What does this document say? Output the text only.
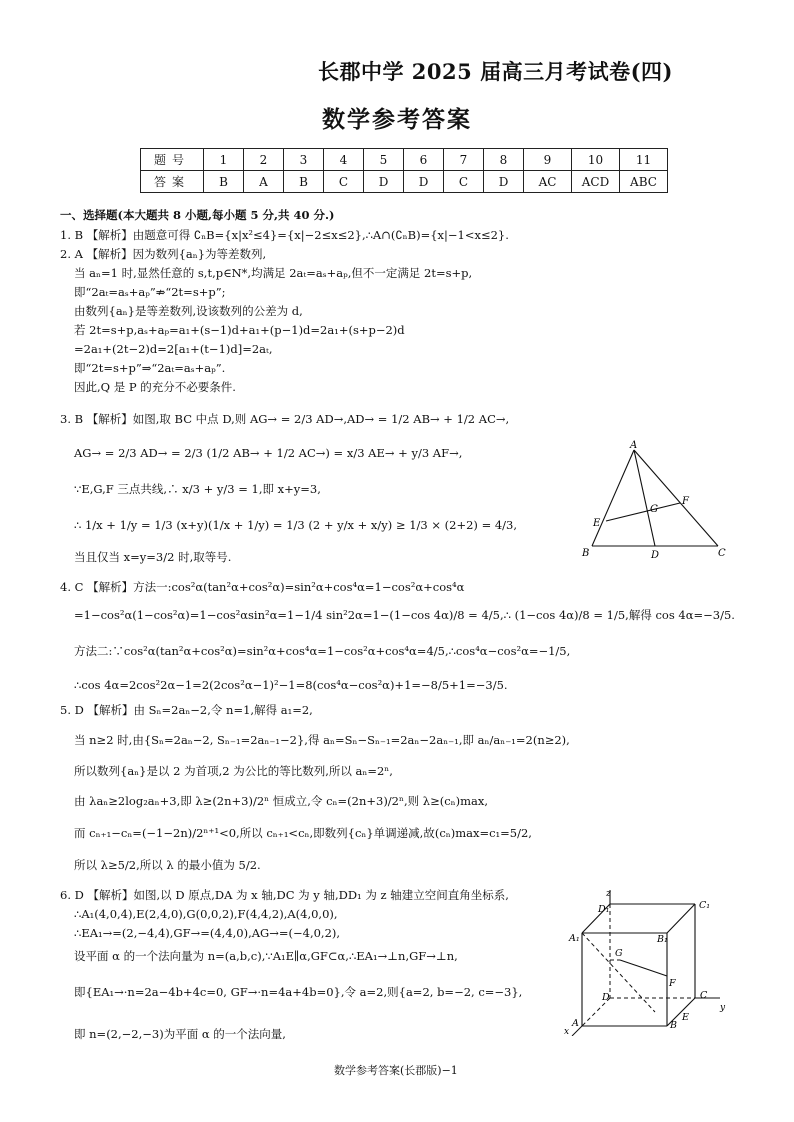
长郡中学 2025 届高三月考试卷(四)
数学参考答案
题号	1	2	3	4	5	6	7	8	9	10	11
答案	B	A	B	C	D	D	C	D	AC	ACD	ABC
一、选择题(本大题共 8 小题,每小题 5 分,共 40 分.)
1. B 【解析】由题意可得 ∁ₙB={x|x²≤4}={x|−2≤x≤2},∴A∩(∁ₙB)={x|−1<x≤2}.
2. A 【解析】因为数列{aₙ}为等差数列,
当 aₙ=1 时,显然任意的 s,t,p∈N*,均满足 2aₜ=aₛ+aₚ,但不一定满足 2t=s+p,
即“2aₜ=aₛ+aₚ”⇏“2t=s+p”;
由数列{aₙ}是等差数列,设该数列的公差为 d,
若 2t=s+p,aₛ+aₚ=a₁+(s−1)d+a₁+(p−1)d=2a₁+(s+p−2)d
=2a₁+(2t−2)d=2[a₁+(t−1)d]=2aₜ,
即“2t=s+p”⇒“2aₜ=aₛ+aₚ”.
因此,Q 是 P 的充分不必要条件.
3. B 【解析】如图,取 BC 中点 D,则 AG→ = 2/3 AD→,AD→ = 1/2 AB→ + 1/2 AC→,
AG→ = 2/3 AD→ = 2/3 (1/2 AB→ + 1/2 AC→) = x/3 AE→ + y/3 AF→,
∵E,G,F 三点共线,∴ x/3 + y/3 = 1,即 x+y=3,
∴ 1/x + 1/y = 1/3 (x+y)(1/x + 1/y) = 1/3 (2 + y/x + x/y) ≥ 1/3 × (2+2) = 4/3,
当且仅当 x=y=3/2 时,取等号.
A
F
G
E
B	D	C
4. C 【解析】方法一:cos²α(tan²α+cos²α)=sin²α+cos⁴α=1−cos²α+cos⁴α
=1−cos²α(1−cos²α)=1−cos²αsin²α=1−1/4 sin²2α=1−(1−cos 4α)/8 = 4/5,∴ (1−cos 4α)/8 = 1/5,解得 cos 4α=−3/5.
方法二:∵cos²α(tan²α+cos²α)=sin²α+cos⁴α=1−cos²α+cos⁴α=4/5,∴cos⁴α−cos²α=−1/5,
∴cos 4α=2cos²2α−1=2(2cos²α−1)²−1=8(cos⁴α−cos²α)+1=−8/5+1=−3/5.
5. D 【解析】由 Sₙ=2aₙ−2,令 n=1,解得 a₁=2,
当 n≥2 时,由{Sₙ=2aₙ−2, Sₙ₋₁=2aₙ₋₁−2},得 aₙ=Sₙ−Sₙ₋₁=2aₙ−2aₙ₋₁,即 aₙ/aₙ₋₁=2(n≥2),
所以数列{aₙ}是以 2 为首项,2 为公比的等比数列,所以 aₙ=2ⁿ,
由 λaₙ≥2log₂aₙ+3,即 λ≥(2n+3)/2ⁿ 恒成立,令 cₙ=(2n+3)/2ⁿ,则 λ≥(cₙ)max,
而 cₙ₊₁−cₙ=(−1−2n)/2ⁿ⁺¹<0,所以 cₙ₊₁<cₙ,即数列{cₙ}单调递减,故(cₙ)max=c₁=5/2,
所以 λ≥5/2,所以 λ 的最小值为 5/2.
6. D 【解析】如图,以 D 原点,DA 为 x 轴,DC 为 y 轴,DD₁ 为 z 轴建立空间直角坐标系,
∴A₁(4,0,4),E(2,4,0),G(0,0,2),F(4,4,2),A(4,0,0),
∴EA₁→=(2,−4,4),GF→=(4,4,0),AG→=(−4,0,2),
设平面 α 的一个法向量为 n=(a,b,c),∵A₁E∥α,GF⊂α,∴EA₁→⊥n,GF→⊥n,
即{EA₁→·n=2a−4b+4c=0, GF→·n=4a+4b=0},令 a=2,则{a=2, b=−2, c=−3},
即 n=(2,−2,−3)为平面 α 的一个法向量,
z
D₁	C₁
A₁	B₁
G
F
D	C
y
A	B
E
x
数学参考答案(长郡版)−1
